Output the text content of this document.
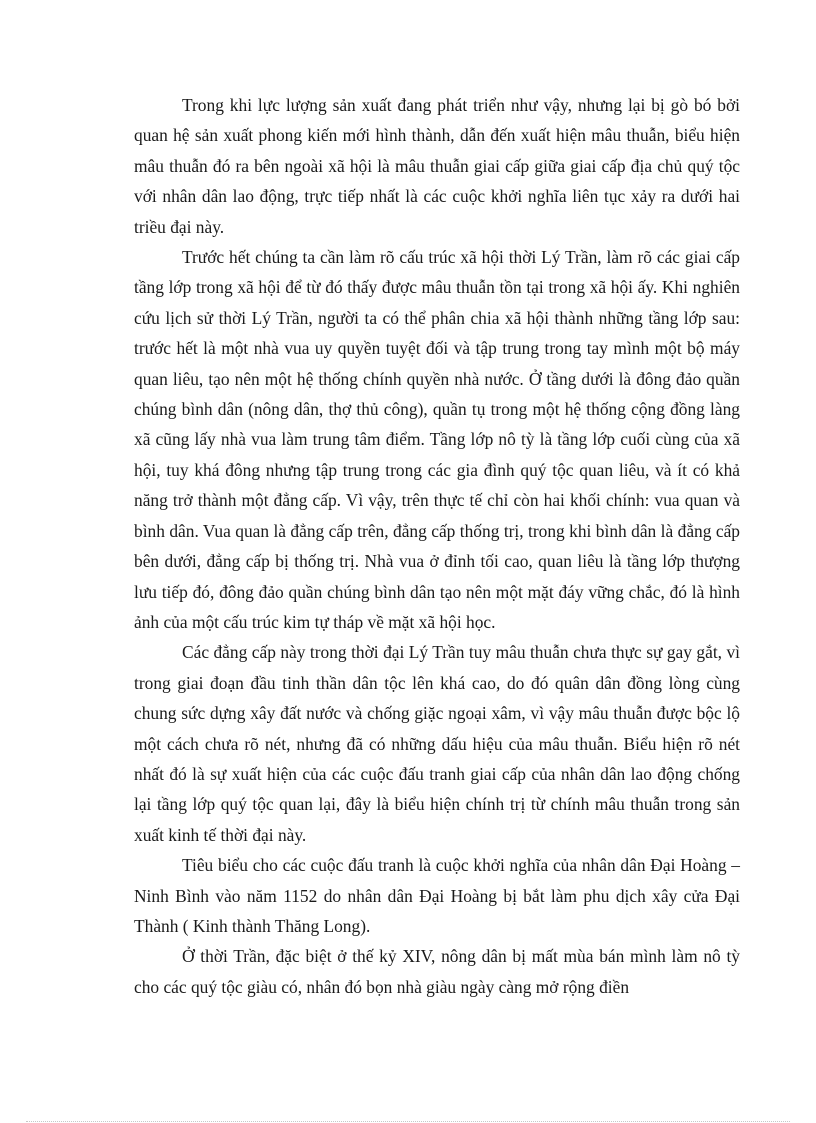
Trong khi lực lượng sản xuất đang phát triển như vậy, nhưng lại bị gò bó bởi quan hệ sản xuất phong kiến mới hình thành, dẫn đến xuất hiện mâu thuẫn, biểu hiện mâu thuẫn đó ra bên ngoài xã hội là mâu thuẫn giai cấp giữa giai cấp địa chủ quý tộc với nhân dân lao động, trực tiếp nhất là các cuộc khởi nghĩa liên tục xảy ra dưới hai triều đại này.

Trước hết chúng ta cần làm rõ cấu trúc xã hội thời Lý Trần, làm rõ các giai cấp tầng lớp trong xã hội để từ đó thấy được mâu thuẫn tồn tại trong xã hội ấy. Khi nghiên cứu lịch sử thời Lý Trần, người ta có thể phân chia xã hội thành những tầng lớp sau: trước hết là một nhà vua uy quyền tuyệt đối và tập trung trong tay mình một bộ máy quan liêu, tạo nên một hệ thống chính quyền nhà nước. Ở tầng dưới là đông đảo quần chúng bình dân (nông dân, thợ thủ công), quần tụ trong một hệ thống cộng đồng làng xã cũng lấy nhà vua làm trung tâm điểm. Tầng lớp nô tỳ là tầng lớp cuối cùng của xã hội, tuy khá đông nhưng tập trung trong các gia đình quý tộc quan liêu, và ít có khả năng trở thành một đẳng cấp. Vì vậy, trên thực tế chỉ còn hai khối chính: vua quan và bình dân. Vua quan là đẳng cấp trên, đẳng cấp thống trị, trong khi bình dân là đẳng cấp bên dưới, đẳng cấp bị thống trị. Nhà vua ở đỉnh tối cao, quan liêu là tầng lớp thượng lưu tiếp đó, đông đảo quần chúng bình dân tạo nên một mặt đáy vững chắc, đó là hình ảnh của một cấu trúc kim tự tháp về mặt xã hội học.

Các đẳng cấp này trong thời đại Lý Trần tuy mâu thuẫn chưa thực sự gay gắt, vì trong giai đoạn đầu tinh thần dân tộc lên khá cao, do đó quân dân đồng lòng cùng chung sức dựng xây đất nước và chống giặc ngoại xâm, vì vậy mâu thuẫn được bộc lộ một cách chưa rõ nét, nhưng đã có những dấu hiệu của mâu thuẫn. Biểu hiện rõ nét nhất đó là sự xuất hiện của các cuộc đấu tranh giai cấp của nhân dân lao động chống lại tầng lớp quý tộc quan lại, đây là biểu hiện chính trị từ chính mâu thuẫn trong sản xuất kinh tế thời đại này.

Tiêu biểu cho các cuộc đấu tranh là cuộc khởi nghĩa của nhân dân Đại Hoàng – Ninh Bình vào năm 1152 do nhân dân Đại Hoàng bị bắt làm phu dịch xây cửa Đại Thành ( Kinh thành Thăng Long).

Ở thời Trần, đặc biệt ở thế kỷ XIV, nông dân bị mất mùa bán mình làm nô tỳ cho các quý tộc giàu có, nhân đó bọn nhà giàu ngày càng mở rộng điền
